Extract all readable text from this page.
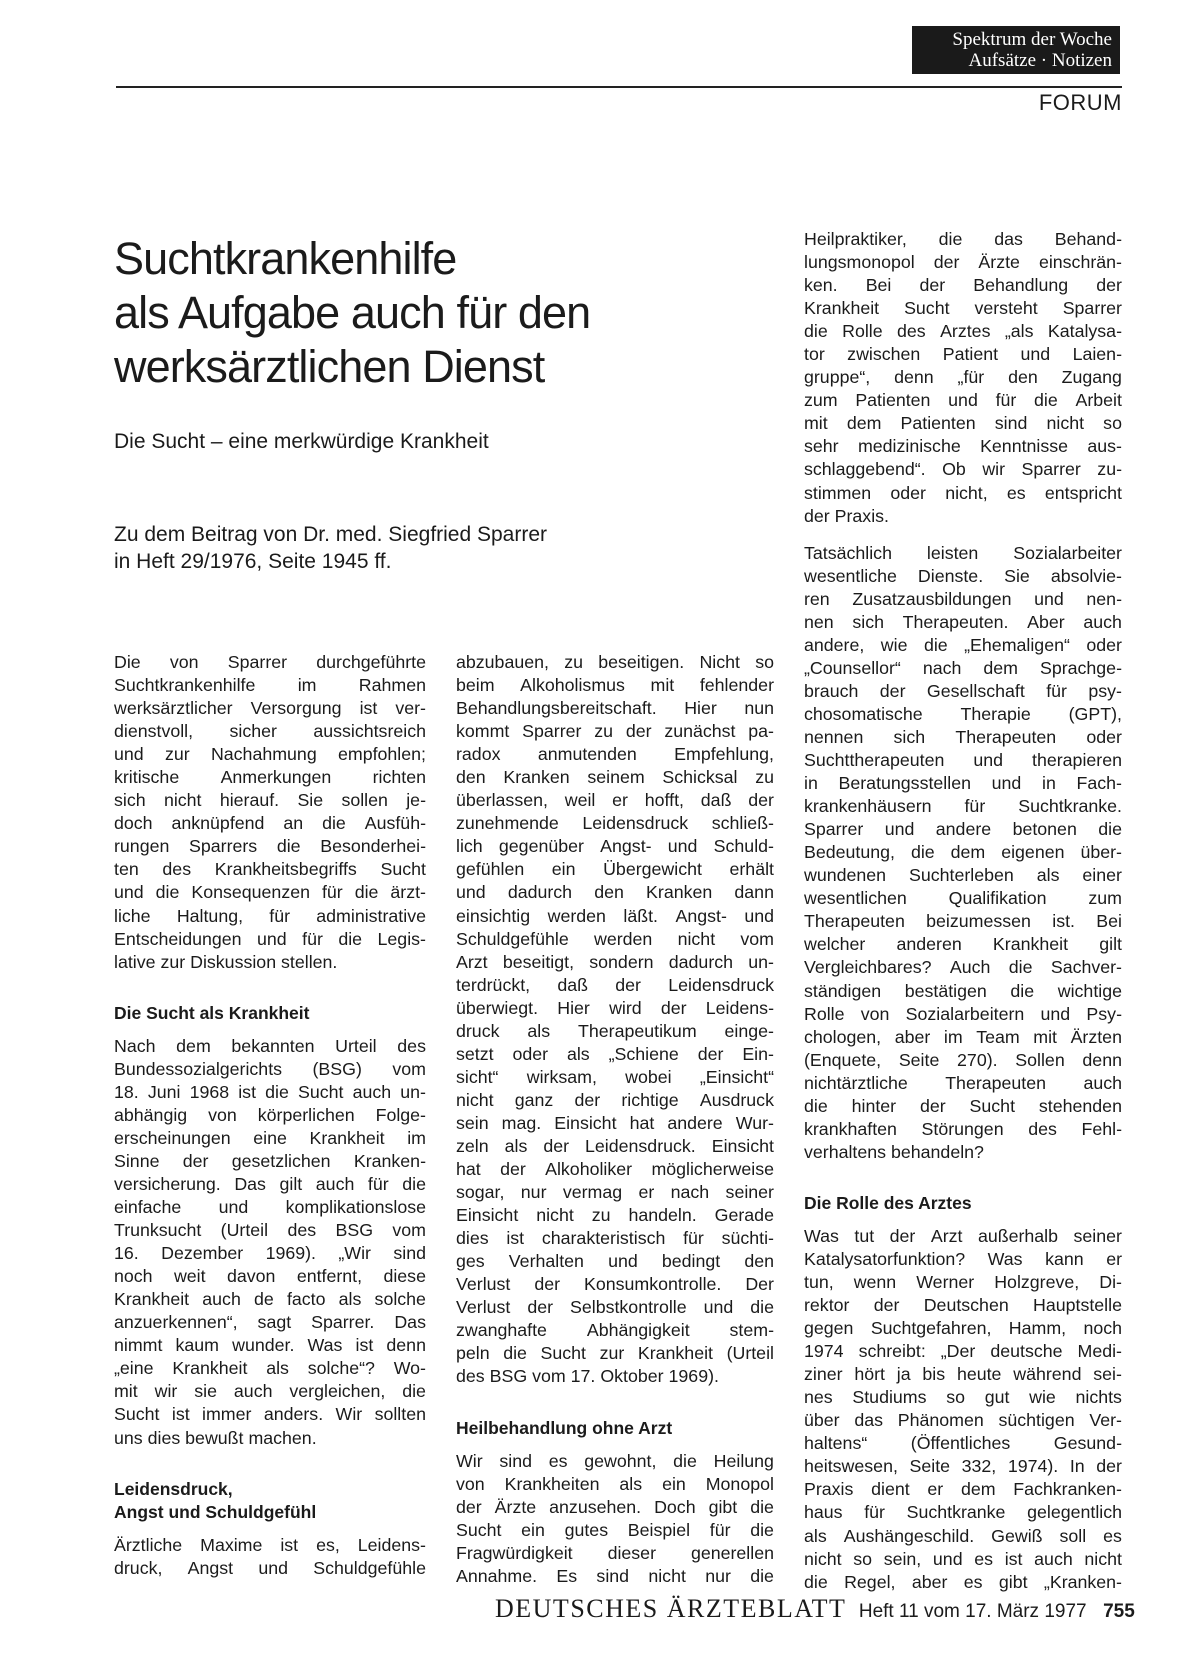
Spektrum der Woche
Aufsätze · Notizen
FORUM
Suchtkrankenhilfe
als Aufgabe auch für den
werksärztlichen Dienst
Die Sucht – eine merkwürdige Krankheit
Zu dem Beitrag von Dr. med. Siegfried Sparrer
in Heft 29/1976, Seite 1945 ff.
Die von Sparrer durchgeführte
Suchtkrankenhilfe im Rahmen
werksärztlicher Versorgung ist ver-
dienstvoll, sicher aussichtsreich
und zur Nachahmung empfohlen;
kritische Anmerkungen richten
sich nicht hierauf. Sie sollen je-
doch anknüpfend an die Ausfüh-
rungen Sparrers die Besonderhei-
ten des Krankheitsbegriffs Sucht
und die Konsequenzen für die ärzt-
liche Haltung, für administrative
Entscheidungen und für die Legis-
lative zur Diskussion stellen.
Die Sucht als Krankheit
Nach dem bekannten Urteil des
Bundessozialgerichts (BSG) vom
18. Juni 1968 ist die Sucht auch un-
abhängig von körperlichen Folge-
erscheinungen eine Krankheit im
Sinne der gesetzlichen Kranken-
versicherung. Das gilt auch für die
einfache und komplikationslose
Trunksucht (Urteil des BSG vom
16. Dezember 1969). „Wir sind
noch weit davon entfernt, diese
Krankheit auch de facto als solche
anzuerkennen“, sagt Sparrer. Das
nimmt kaum wunder. Was ist denn
„eine Krankheit als solche“? Wo-
mit wir sie auch vergleichen, die
Sucht ist immer anders. Wir sollten
uns dies bewußt machen.
Leidensdruck,
Angst und Schuldgefühl
Ärztliche Maxime ist es, Leidens-
druck, Angst und Schuldgefühle
abzubauen, zu beseitigen. Nicht so
beim Alkoholismus mit fehlender
Behandlungsbereitschaft. Hier nun
kommt Sparrer zu der zunächst pa-
radox anmutenden Empfehlung,
den Kranken seinem Schicksal zu
überlassen, weil er hofft, daß der
zunehmende Leidensdruck schließ-
lich gegenüber Angst- und Schuld-
gefühlen ein Übergewicht erhält
und dadurch den Kranken dann
einsichtig werden läßt. Angst- und
Schuldgefühle werden nicht vom
Arzt beseitigt, sondern dadurch un-
terdrückt, daß der Leidensdruck
überwiegt. Hier wird der Leidens-
druck als Therapeutikum einge-
setzt oder als „Schiene der Ein-
sicht“ wirksam, wobei „Einsicht“
nicht ganz der richtige Ausdruck
sein mag. Einsicht hat andere Wur-
zeln als der Leidensdruck. Einsicht
hat der Alkoholiker möglicherweise
sogar, nur vermag er nach seiner
Einsicht nicht zu handeln. Gerade
dies ist charakteristisch für süchti-
ges Verhalten und bedingt den
Verlust der Konsumkontrolle. Der
Verlust der Selbstkontrolle und die
zwanghafte Abhängigkeit stem-
peln die Sucht zur Krankheit (Urteil
des BSG vom 17. Oktober 1969).
Heilbehandlung ohne Arzt
Wir sind es gewohnt, die Heilung
von Krankheiten als ein Monopol
der Ärzte anzusehen. Doch gibt die
Sucht ein gutes Beispiel für die
Fragwürdigkeit dieser generellen
Annahme. Es sind nicht nur die
Heilpraktiker, die das Behand-
lungsmonopol der Ärzte einschrän-
ken. Bei der Behandlung der
Krankheit Sucht versteht Sparrer
die Rolle des Arztes „als Katalysa-
tor zwischen Patient und Laien-
gruppe“, denn „für den Zugang
zum Patienten und für die Arbeit
mit dem Patienten sind nicht so
sehr medizinische Kenntnisse aus-
schlaggebend“. Ob wir Sparrer zu-
stimmen oder nicht, es entspricht
der Praxis.
Tatsächlich leisten Sozialarbeiter
wesentliche Dienste. Sie absolvie-
ren Zusatzausbildungen und nen-
nen sich Therapeuten. Aber auch
andere, wie die „Ehemaligen“ oder
„Counsellor“ nach dem Sprachge-
brauch der Gesellschaft für psy-
chosomatische Therapie (GPT),
nennen sich Therapeuten oder
Suchttherapeuten und therapieren
in Beratungsstellen und in Fach-
krankenhäusern für Suchtkranke.
Sparrer und andere betonen die
Bedeutung, die dem eigenen über-
wundenen Suchterleben als einer
wesentlichen Qualifikation zum
Therapeuten beizumessen ist. Bei
welcher anderen Krankheit gilt
Vergleichbares? Auch die Sachver-
ständigen bestätigen die wichtige
Rolle von Sozialarbeitern und Psy-
chologen, aber im Team mit Ärzten
(Enquete, Seite 270). Sollen denn
nichtärztliche Therapeuten auch
die hinter der Sucht stehenden
krankhaften Störungen des Fehl-
verhaltens behandeln?
Die Rolle des Arztes
Was tut der Arzt außerhalb seiner
Katalysatorfunktion? Was kann er
tun, wenn Werner Holzgreve, Di-
rektor der Deutschen Hauptstelle
gegen Suchtgefahren, Hamm, noch
1974 schreibt: „Der deutsche Medi-
ziner hört ja bis heute während sei-
nes Studiums so gut wie nichts
über das Phänomen süchtigen Ver-
haltens“ (Öffentliches Gesund-
heitswesen, Seite 332, 1974). In der
Praxis dient er dem Fachkranken-
haus für Suchtkranke gelegentlich
als Aushängeschild. Gewiß soll es
nicht so sein, und es ist auch nicht
die Regel, aber es gibt „Kranken-
DEUTSCHES ÄRZTEBLATT Heft 11 vom 17. März 1977 755
